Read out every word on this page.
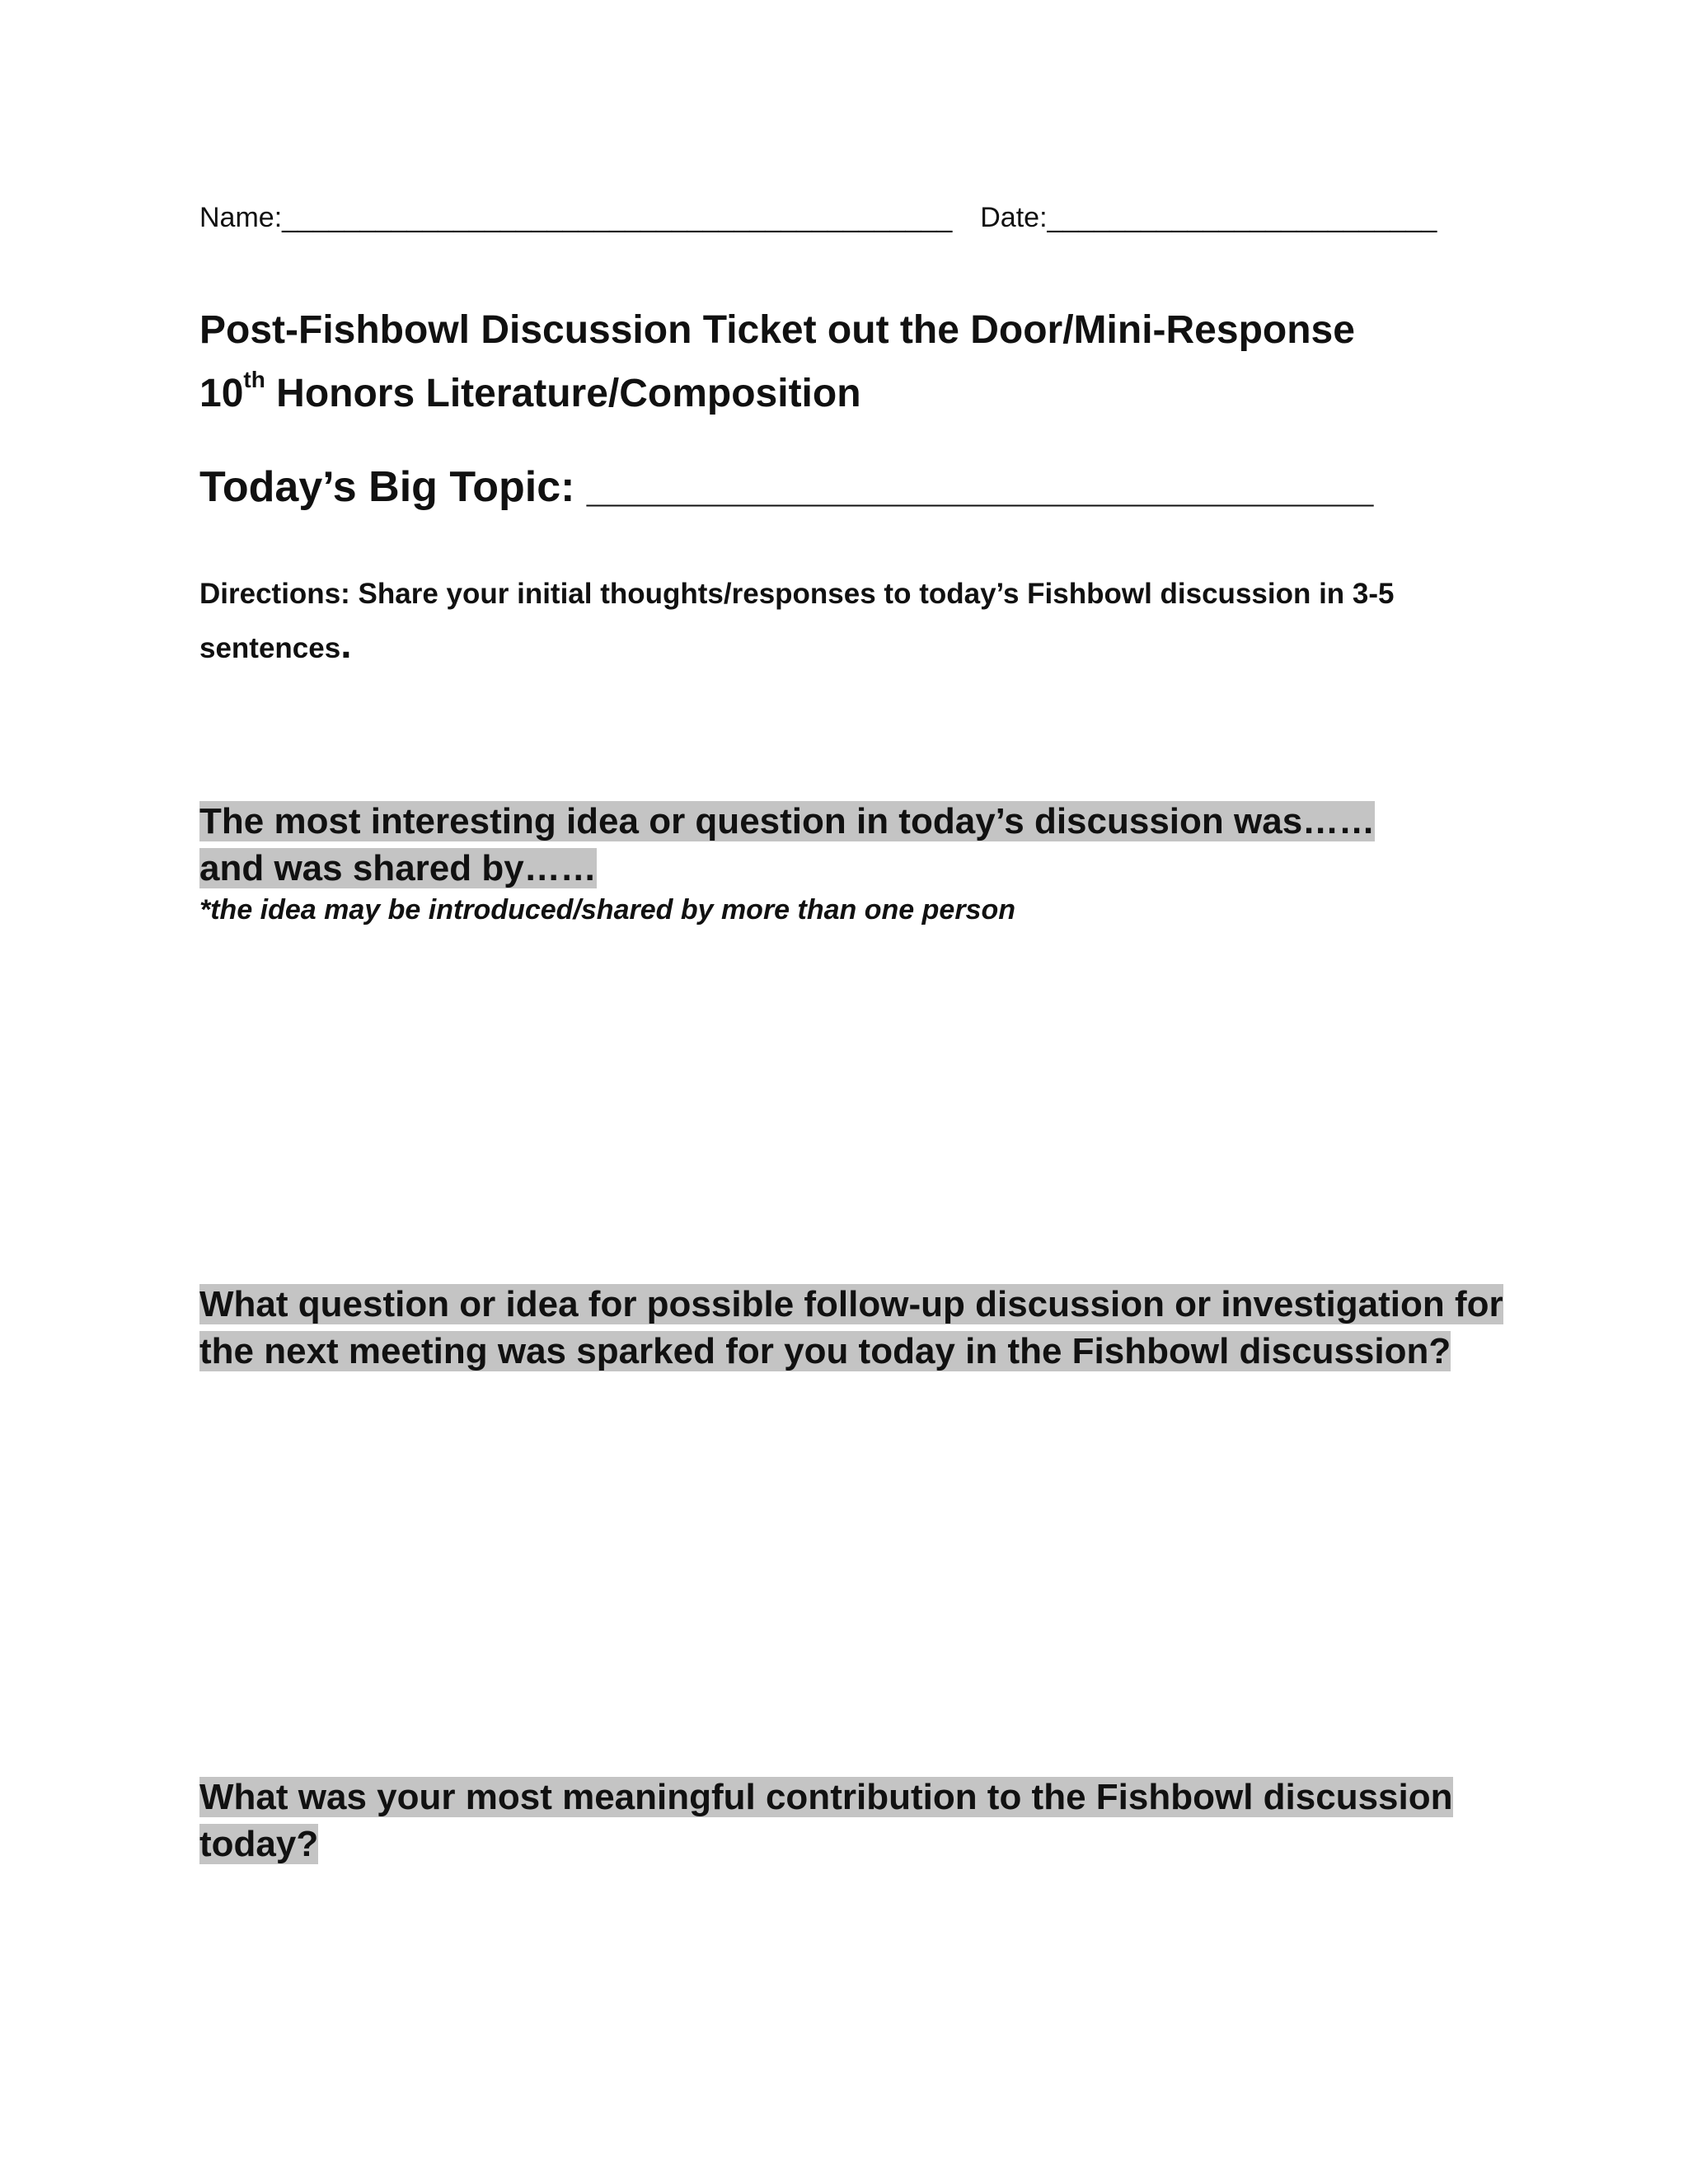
Name:___________________________________________ Date:_________________________
Post-Fishbowl Discussion Ticket out the Door/Mini-Response
10th Honors Literature/Composition
Today’s Big Topic: _________________________________
Directions: Share your initial thoughts/responses to today’s Fishbowl discussion in 3-5 sentences.
The most interesting idea or question in today’s discussion was……and was shared by……
*the idea may be introduced/shared by more than one person
What question or idea for possible follow-up discussion or investigation for the next meeting was sparked for you today in the Fishbowl discussion?
What was your most meaningful contribution to the Fishbowl discussion today?
